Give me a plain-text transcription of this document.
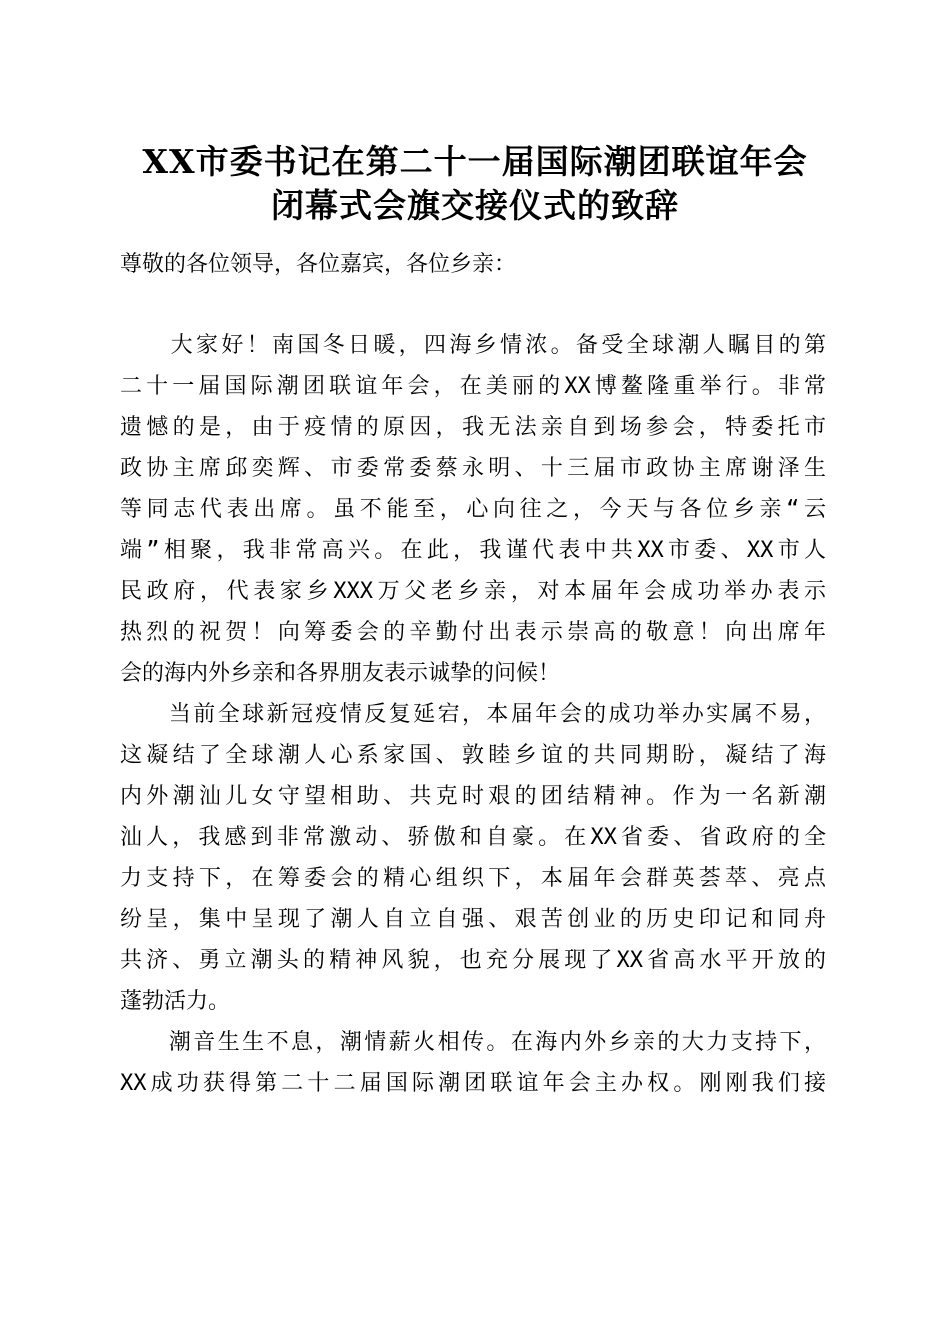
XX市委书记在第二十一届国际潮团联谊年会
闭幕式会旗交接仪式的致辞
尊敬的各位领导，各位嘉宾，各位乡亲：
　　大家好！南国冬日暖，四海乡情浓。备受全球潮人瞩目的第
二十一届国际潮团联谊年会，在美丽的XX博鳌隆重举行。非常
遗憾的是，由于疫情的原因，我无法亲自到场参会，特委托市
政协主席邱奕辉、市委常委蔡永明、十三届市政协主席谢泽生
等同志代表出席。虽不能至，心向往之，今天与各位乡亲“云
端”相聚，我非常高兴。在此，我谨代表中共XX市委、XX市人
民政府，代表家乡XXX万父老乡亲，对本届年会成功举办表示
热烈的祝贺！向筹委会的辛勤付出表示崇高的敬意！向出席年
会的海内外乡亲和各界朋友表示诚挚的问候！
　　当前全球新冠疫情反复延宕，本届年会的成功举办实属不易，
这凝结了全球潮人心系家国、敦睦乡谊的共同期盼，凝结了海
内外潮汕儿女守望相助、共克时艰的团结精神。作为一名新潮
汕人，我感到非常激动、骄傲和自豪。在XX省委、省政府的全
力支持下，在筹委会的精心组织下，本届年会群英荟萃、亮点
纷呈，集中呈现了潮人自立自强、艰苦创业的历史印记和同舟
共济、勇立潮头的精神风貌，也充分展现了XX省高水平开放的
蓬勃活力。
　　潮音生生不息，潮情薪火相传。在海内外乡亲的大力支持下，
XX成功获得第二十二届国际潮团联谊年会主办权。刚刚我们接
